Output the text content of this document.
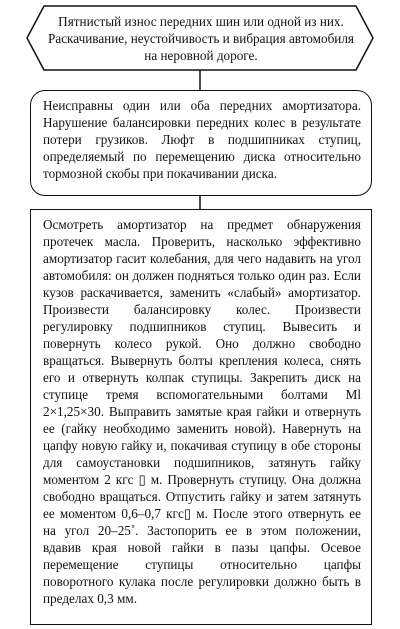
Пятнистый износ передних шин или одной из них. Раскачивание, неустойчивость и вибрация автомобиля на неровной дороге.
Неисправны один или оба передних амортизатора. Нарушение балансировки передних колес в результате потери грузиков. Люфт в подшипниках ступиц, определяемый по перемещению диска относительно тормозной скобы при покачивании диска.
Осмотреть амортизатор на предмет обнаружения протечек масла. Проверить, насколько эффективно амортизатор гасит колебания, для чего надавить на угол автомобиля: он должен подняться только один раз. Если кузов раскачивается, заменить «слабый» амортизатор. Произвести балансировку колес. Произвести регулировку подшипников ступиц. Вывесить и повернуть колесо рукой. Оно должно свободно вращаться. Вывернуть болты крепления колеса, снять его и отвернуть колпак ступицы. Закрепить диск на ступице тремя вспомогательными болтами Ml 2×1,25×30. Выправить замятые края гайки и отвернуть ее (гайку необходимо заменить новой). Навернуть на цапфу новую гайку и, покачивая ступицу в обе стороны для самоустановки подшипников, затянуть гайку моментом 2 кгс ▯ м. Провернуть ступицу. Она должна свободно вращаться. Отпустить гайку и затем затянуть ее моментом 0,6–0,7 кгс▯ м. После этого отвернуть ее на угол 20–25˚. Застопорить ее в этом положении, вдавив края новой гайки в пазы цапфы. Осевое перемещение ступицы относительно цапфы поворотного кулака после регулировки должно быть в пределах 0,3 мм.
